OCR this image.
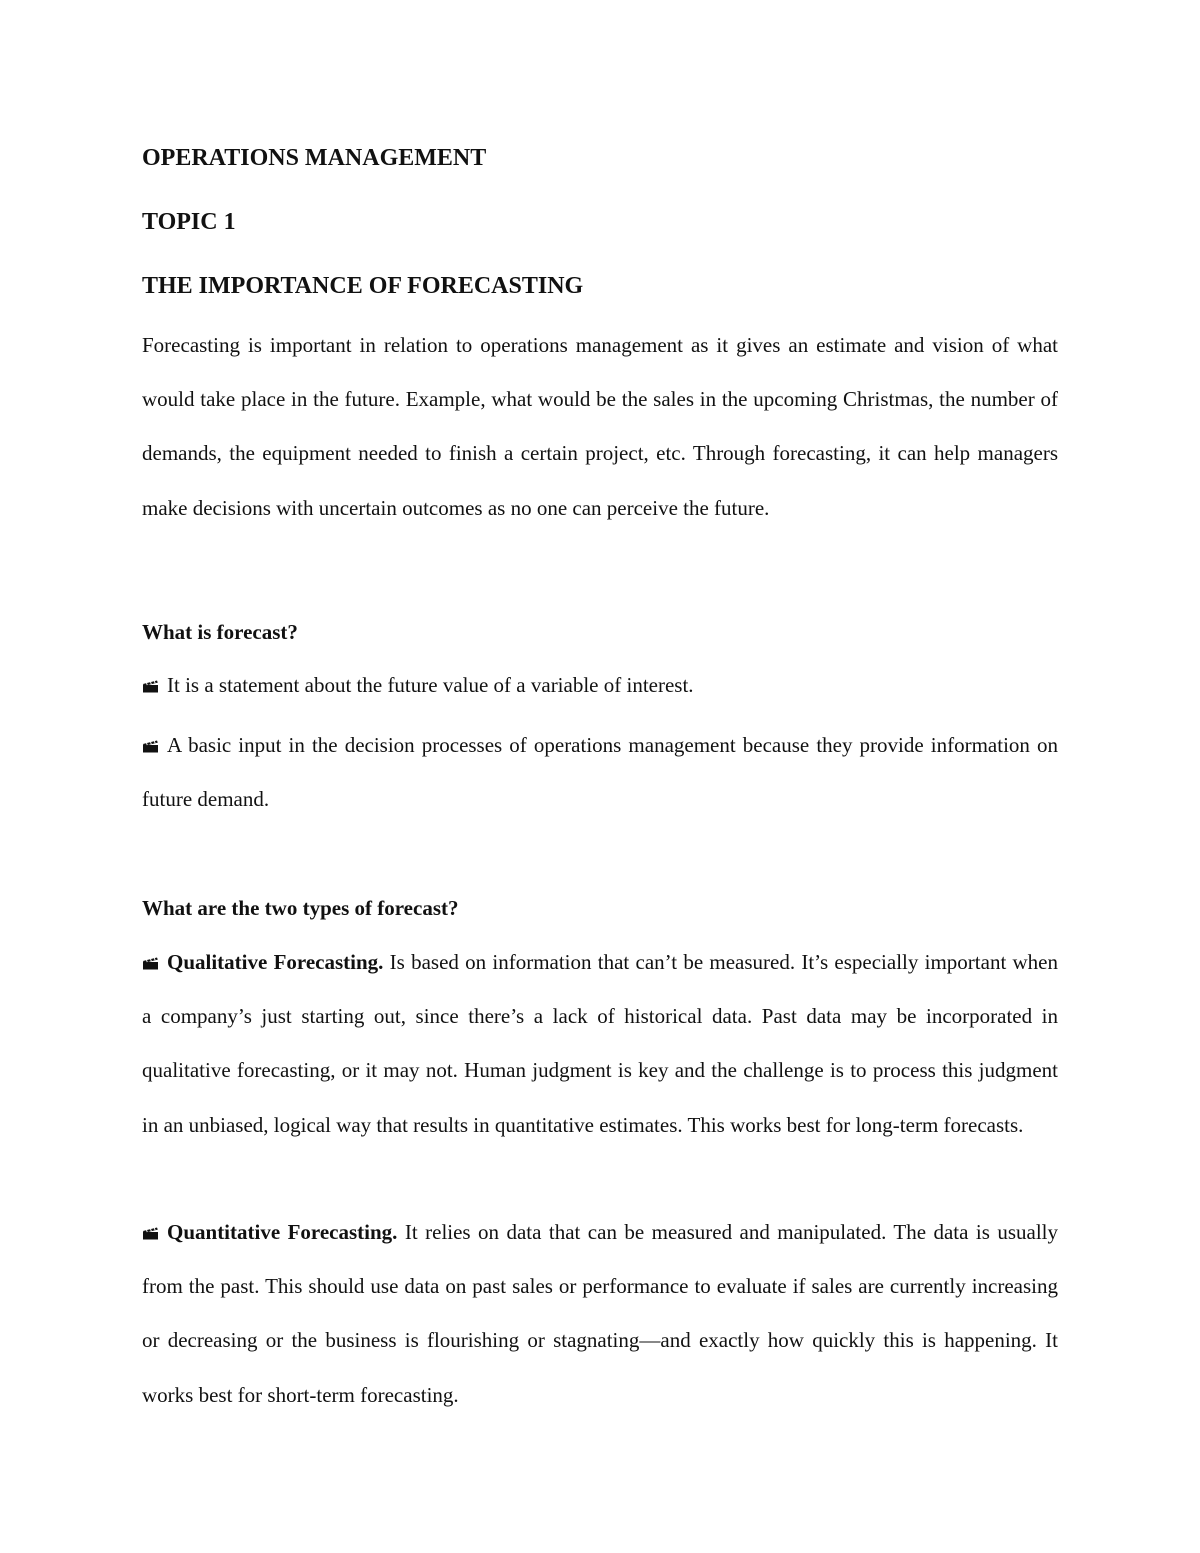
OPERATIONS MANAGEMENT
TOPIC 1
THE IMPORTANCE OF FORECASTING
Forecasting is important in relation to operations management as it gives an estimate and vision of what would take place in the future. Example, what would be the sales in the upcoming Christmas, the number of demands, the equipment needed to finish a certain project, etc. Through forecasting, it can help managers make decisions with uncertain outcomes as no one can perceive the future.
What is forecast?
It is a statement about the future value of a variable of interest.
A basic input in the decision processes of operations management because they provide information on future demand.
What are the two types of forecast?
Qualitative Forecasting. Is based on information that can’t be measured. It’s especially important when a company’s just starting out, since there’s a lack of historical data. Past data may be incorporated in qualitative forecasting, or it may not. Human judgment is key and the challenge is to process this judgment in an unbiased, logical way that results in quantitative estimates. This works best for long-term forecasts.
Quantitative Forecasting. It relies on data that can be measured and manipulated. The data is usually from the past. This should use data on past sales or performance to evaluate if sales are currently increasing or decreasing or the business is flourishing or stagnating—and exactly how quickly this is happening. It works best for short-term forecasting.
